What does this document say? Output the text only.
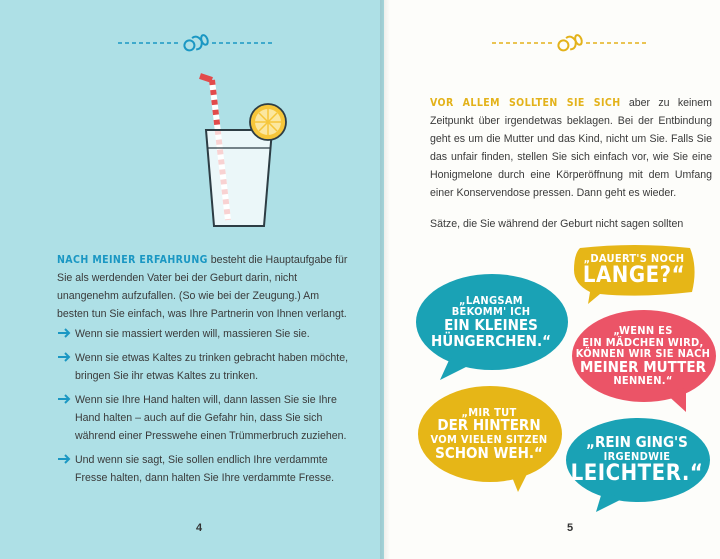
NACH MEINER ERFAHRUNG besteht die Hauptaufgabe für Sie als werdenden Vater bei der Geburt darin, nicht unangenehm aufzufallen. (So wie bei der Zeugung.) Am besten tun Sie einfach, was Ihre Partnerin von Ihnen verlangt.
Wenn sie massiert werden will, massieren Sie sie.
Wenn sie etwas Kaltes zu trinken gebracht haben möchte, bringen Sie ihr etwas Kaltes zu trinken.
Wenn sie Ihre Hand halten will, dann lassen Sie sie Ihre Hand halten – auch auf die Gefahr hin, dass Sie sich während einer Presswehe einen Trümmerbruch zuziehen.
Und wenn sie sagt, Sie sollen endlich Ihre verdammte Fresse halten, dann halten Sie Ihre verdammte Fresse.
4	5
VOR ALLEM SOLLTEN SIE SICH aber zu keinem Zeitpunkt über irgendetwas beklagen. Bei der Entbindung geht es um die Mutter und das Kind, nicht um Sie. Falls Sie das unfair finden, stellen Sie sich einfach vor, wie Sie eine Honigmelone durch eine Körperöffnung mit dem Umfang einer Konservendose pressen. Dann geht es wieder.
Sätze, die Sie während der Geburt nicht sagen sollten
„DAUERT'S NOCH
LANGE?“
„LANGSAM
BEKOMM' ICH
EIN KLEINES
HÜNGERCHEN.“
„WENN ES
EIN MÄDCHEN WIRD,
KÖNNEN WIR SIE NACH
MEINER MUTTER
NENNEN.“
„MIR TUT
DER HINTERN
VOM VIELEN SITZEN
SCHON WEH.“
„REIN GING'S
IRGENDWIE
LEICHTER.“
